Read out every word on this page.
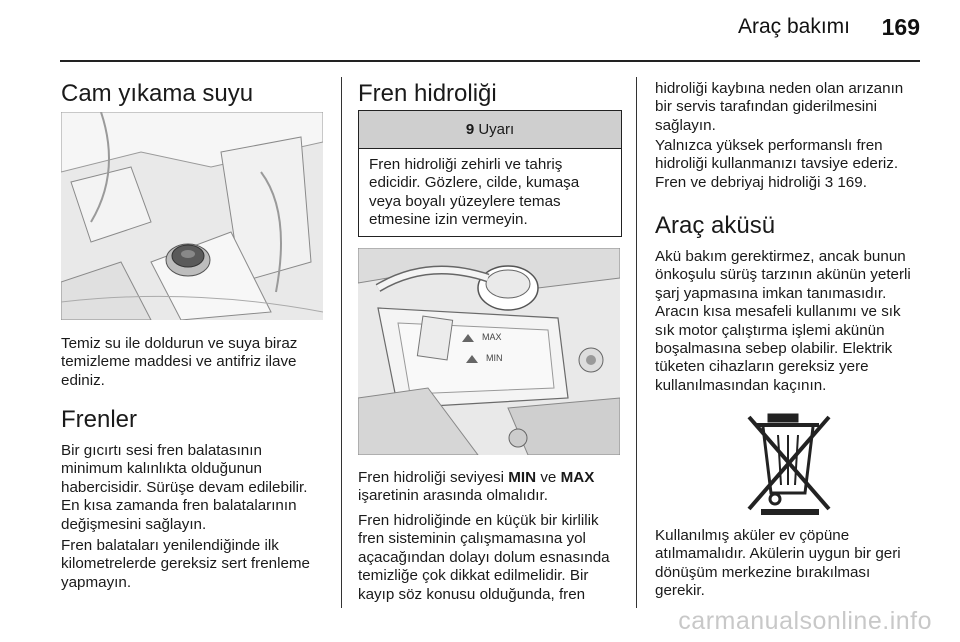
Araç bakımı 169
Cam yıkama suyu

Temiz su ile doldurun ve suya biraz temizleme maddesi ve antifriz ilave ediniz.

Frenler

Bir gıcırtı sesi fren balatasının minimum kalınlıkta olduğunun habercisidir. Sürüşe devam edilebilir. En kısa zamanda fren balatalarının değişmesini sağlayın.

Fren balataları yenilendiğinde ilk kilometrelerde gereksiz sert frenleme yapmayın.

Fren hidroliği
9 Uyarı
Fren hidroliği zehirli ve tahriş edicidir. Gözlere, cilde, kumaşa veya boyalı yüzeylere temas etmesine izin vermeyin.
MAX
MIN

Fren hidroliği seviyesi MIN ve MAX işaretinin arasında olmalıdır.

Fren hidroliğinde en küçük bir kirlilik fren sisteminin çalışmamasına yol açacağından dolayı dolum esnasında temizliğe çok dikkat edilmelidir. Bir kayıp söz konusu olduğunda, fren

hidroliği kaybına neden olan arızanın bir servis tarafından giderilmesini sağlayın.

Yalnızca yüksek performanslı fren hidroliği kullanmanızı tavsiye ederiz. Fren ve debriyaj hidroliği 3 169.

Araç aküsü

Akü bakım gerektirmez, ancak bunun önkoşulu sürüş tarzının akünün yeterli şarj yapmasına imkan tanımasıdır. Aracın kısa mesafeli kullanımı ve sık sık motor çalıştırma işlemi akünün boşalmasına sebep olabilir. Elektrik tüketen cihazların gereksiz yere kullanılmasından kaçının.

Kullanılmış aküler ev çöpüne atılmamalıdır. Akülerin uygun bir geri dönüşüm merkezine bırakılması gerekir.

carmanualsonline.info
